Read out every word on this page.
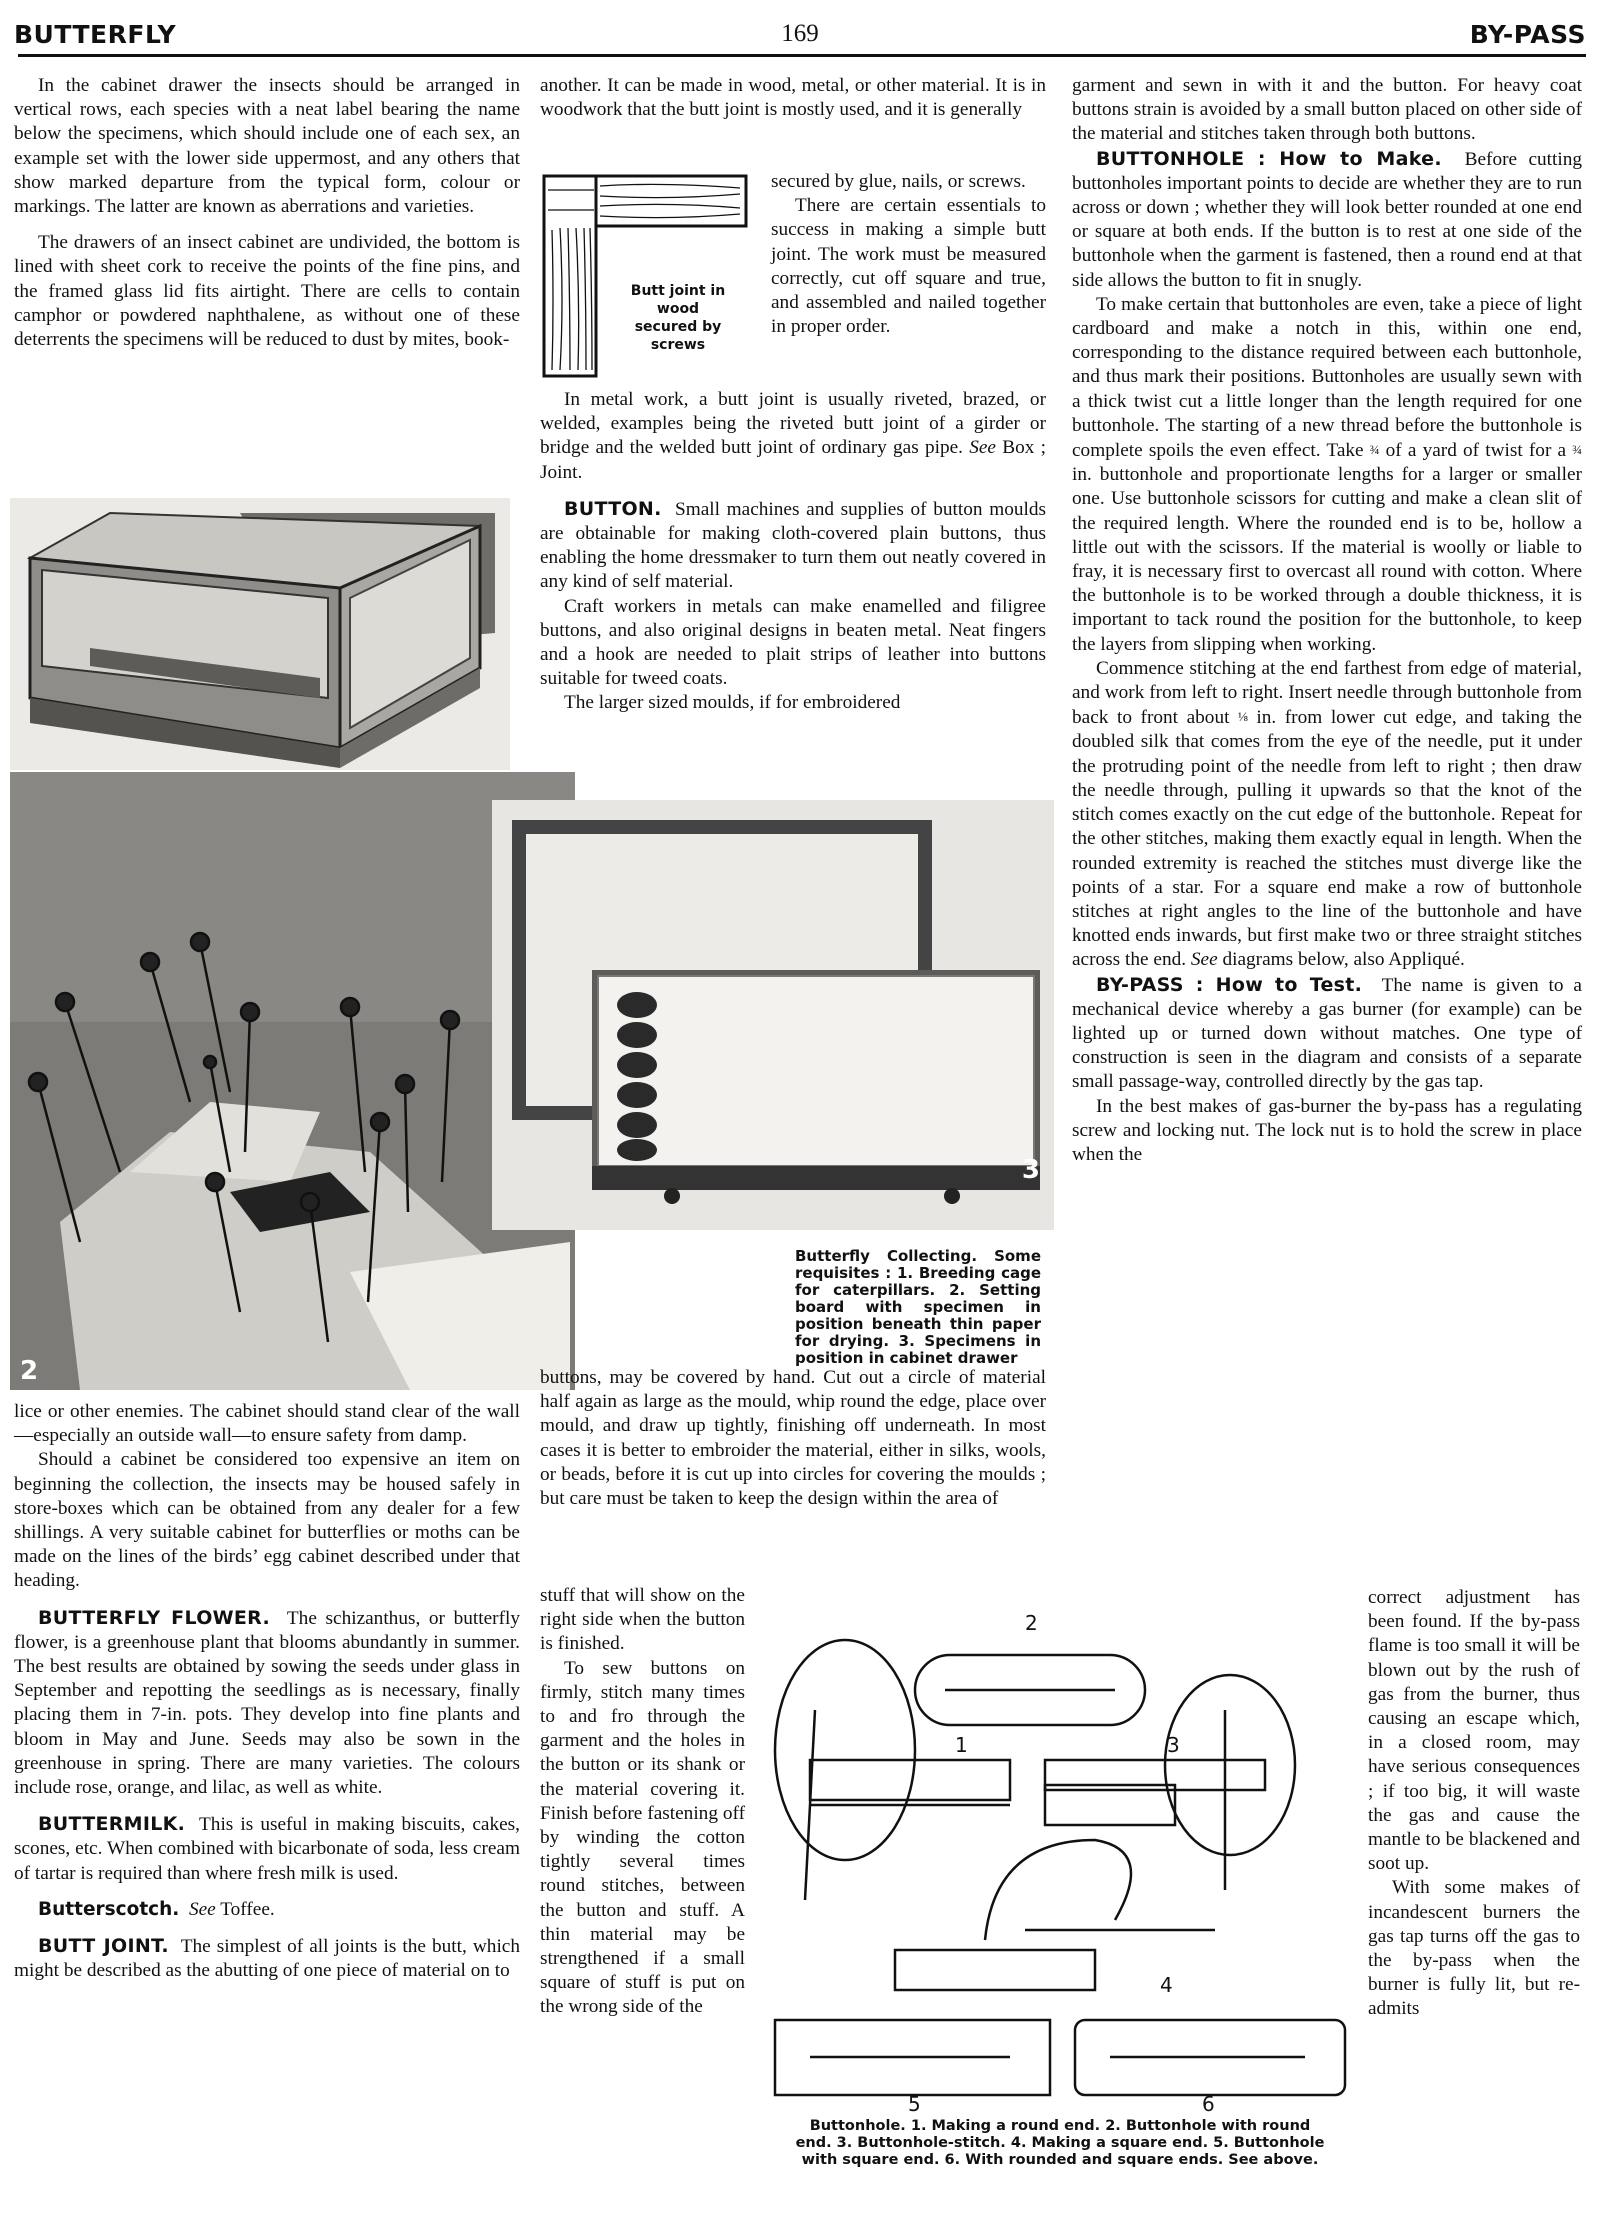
BUTTERFLY	169	BY-PASS

In the cabinet drawer the insects should be arranged in vertical rows, each species with a neat label bearing the name below the specimens, which should include one of each sex, an example set with the lower side uppermost, and any others that show marked departure from the typical form, colour or markings. The latter are known as aberrations and varieties.

The drawers of an insect cabinet are undivided, the bottom is lined with sheet cork to receive the points of the fine pins, and the framed glass lid fits airtight. There are cells to contain camphor or powdered naphthalene, as without one of these deterrents the specimens will be reduced to dust by mites, book-

2

lice or other enemies. The cabinet should stand clear of the wall—especially an outside wall—to ensure safety from damp.

Should a cabinet be considered too expensive an item on beginning the collection, the insects may be housed safely in store-boxes which can be obtained from any dealer for a few shillings. A very suitable cabinet for butterflies or moths can be made on the lines of the birds’ egg cabinet described under that heading.

BUTTERFLY FLOWER. The schizanthus, or butterfly flower, is a greenhouse plant that blooms abundantly in summer. The best results are obtained by sowing the seeds under glass in September and repotting the seedlings as is necessary, finally placing them in 7-in. pots. They develop into fine plants and bloom in May and June. Seeds may also be sown in the greenhouse in spring. There are many varieties. The colours include rose, orange, and lilac, as well as white.

BUTTERMILK. This is useful in making biscuits, cakes, scones, etc. When combined with bicarbonate of soda, less cream of tartar is required than where fresh milk is used.

Butterscotch. See Toffee.

BUTT JOINT. The simplest of all joints is the butt, which might be described as the abutting of one piece of material on to

another. It can be made in wood, metal, or other material. It is in woodwork that the butt joint is mostly used, and it is generally

Butt joint in wood secured by screws

secured by glue, nails, or screws.

There are certain essentials to success in making a simple butt joint. The work must be measured correctly, cut off square and true, and assembled and nailed together in proper order.

In metal work, a butt joint is usually riveted, brazed, or welded, examples being the riveted butt joint of a girder or bridge and the welded butt joint of ordinary gas pipe. See Box ; Joint.

BUTTON. Small machines and supplies of button moulds are obtainable for making cloth-covered plain buttons, thus enabling the home dressmaker to turn them out neatly covered in any kind of self material.

Craft workers in metals can make enamelled and filigree buttons, and also original designs in beaten metal. Neat fingers and a hook are needed to plait strips of leather into buttons suitable for tweed coats.

The larger sized moulds, if for embroidered

3
Butterfly Collecting. Some requisites : 1. Breeding cage for caterpillars. 2. Setting board with specimen in position beneath thin paper for drying. 3. Specimens in position in cabinet drawer

buttons, may be covered by hand. Cut out a circle of material half again as large as the mould, whip round the edge, place over mould, and draw up tightly, finishing off underneath. In most cases it is better to embroider the material, either in silks, wools, or beads, before it is cut up into circles for covering the moulds ; but care must be taken to keep the design within the area of

stuff that will show on the right side when the button is finished.

To sew buttons on firmly, stitch many times to and fro through the garment and the holes in the button or its shank or the material covering it. Finish before fastening off by winding the cotton tightly several times round stitches, between the button and stuff. A thin material may be strengthened if a small square of stuff is put on the wrong side of the

garment and sewn in with it and the button. For heavy coat buttons strain is avoided by a small button placed on other side of the material and stitches taken through both buttons.

BUTTONHOLE : How to Make. Before cutting buttonholes important points to decide are whether they are to run across or down ; whether they will look better rounded at one end or square at both ends. If the button is to rest at one side of the buttonhole when the garment is fastened, then a round end at that side allows the button to fit in snugly.

To make certain that buttonholes are even, take a piece of light cardboard and make a notch in this, within one end, corresponding to the distance required between each buttonhole, and thus mark their positions. Buttonholes are usually sewn with a thick twist cut a little longer than the length required for one buttonhole. The starting of a new thread before the buttonhole is complete spoils the even effect. Take ¾ of a yard of twist for a ¾ in. buttonhole and proportionate lengths for a larger or smaller one. Use buttonhole scissors for cutting and make a clean slit of the required length. Where the rounded end is to be, hollow a little out with the scissors. If the material is woolly or liable to fray, it is necessary first to overcast all round with cotton. Where the buttonhole is to be worked through a double thickness, it is important to tack round the position for the buttonhole, to keep the layers from slipping when working.

Commence stitching at the end farthest from edge of material, and work from left to right. Insert needle through buttonhole from back to front about ⅛ in. from lower cut edge, and taking the doubled silk that comes from the eye of the needle, put it under the protruding point of the needle from left to right ; then draw the needle through, pulling it upwards so that the knot of the stitch comes exactly on the cut edge of the buttonhole. Repeat for the other stitches, making them exactly equal in length. When the rounded extremity is reached the stitches must diverge like the points of a star. For a square end make a row of buttonhole stitches at right angles to the line of the buttonhole and have knotted ends inwards, but first make two or three straight stitches across the end. See diagrams below, also Appliqué.

BY-PASS : How to Test. The name is given to a mechanical device whereby a gas burner (for example) can be lighted up or turned down without matches. One type of construction is seen in the diagram and consists of a separate small passage-way, controlled directly by the gas tap.

In the best makes of gas-burner the by-pass has a regulating screw and locking nut. The lock nut is to hold the screw in place when the

correct adjustment has been found. If the by-pass flame is too small it will be blown out by the rush of gas from the burner, thus causing an escape which, in a closed room, may have serious consequences ; if too big, it will waste the gas and cause the mantle to be blackened and soot up.

With some makes of incandescent burners the gas tap turns off the gas to the by-pass when the burner is fully lit, but re-admits

1
2
3
4
5	6
Buttonhole. 1. Making a round end. 2. Buttonhole with round end. 3. Buttonhole-stitch. 4. Making a square end. 5. Buttonhole with square end. 6. With rounded and square ends. See above.
